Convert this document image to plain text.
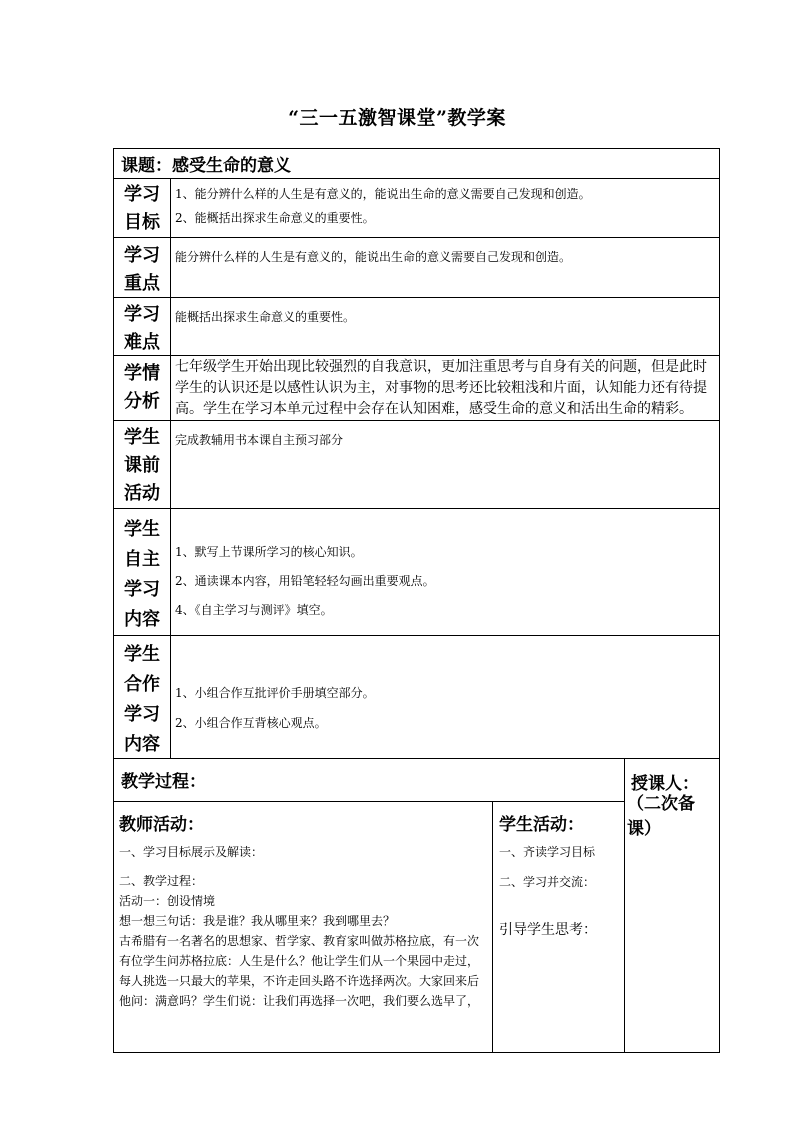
“三一五激智课堂”教学案
课题：感受生命的意义
学习
目标
1、能分辨什么样的人生是有意义的，能说出生命的意义需要自己发现和创造。
2、能概括出探求生命意义的重要性。
学习
重点
能分辨什么样的人生是有意义的，能说出生命的意义需要自己发现和创造。
学习
难点
能概括出探求生命意义的重要性。
学情
分析
七年级学生开始出现比较强烈的自我意识，更加注重思考与自身有关的问题，但是此时
学生的认识还是以感性认识为主，对事物的思考还比较粗浅和片面，认知能力还有待提
高。学生在学习本单元过程中会存在认知困难，感受生命的意义和活出生命的精彩。
学生
课前
活动
完成教辅用书本课自主预习部分
学生
自主
学习
内容
1、默写上节课所学习的核心知识。
2、通读课本内容，用铅笔轻轻勾画出重要观点。
4、《自主学习与测评》填空。
学生
合作
学习
内容
1、小组合作互批评价手册填空部分。
2、小组合作互背核心观点。
教学过程：	授课人：
（二次备课）
教师活动：	学生活动：
一、学习目标展示及解读：
二、教学过程：
活动一：创设情境
想一想三句话：我是谁？我从哪里来？我到哪里去？
古希腊有一名著名的思想家、哲学家、教育家叫做苏格拉底，有一次
有位学生问苏格拉底：人生是什么？他让学生们从一个果园中走过，
每人挑选一只最大的苹果，不许走回头路不许选择两次。大家回来后
他问：满意吗？学生们说：让我们再选择一次吧，我们要么选早了，
一、齐读学习目标
二、学习并交流：
引导学生思考：
